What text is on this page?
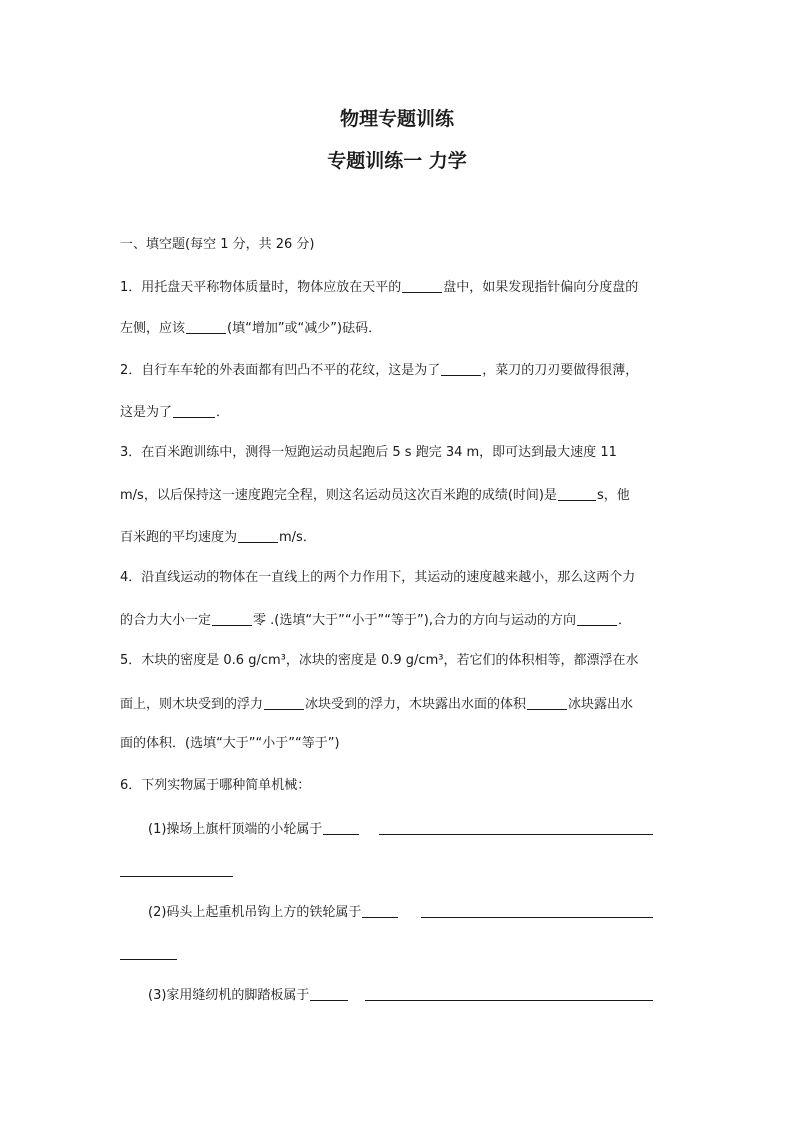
物理专题训练
专题训练一 力学

一、填空题(每空 1 分，共 26 分)

1．用托盘天平称物体质量时，物体应放在天平的	盘中，如果发现指针偏向分度盘的

左侧，应该	(填“增加”或“减少”)砝码．

2．自行车车轮的外表面都有凹凸不平的花纹，这是为了	，菜刀的刀刃要做得很薄，

这是为了	．

3．在百米跑训练中，测得一短跑运动员起跑后 5 s 跑完 34 m，即可达到最大速度 11

m/s，以后保持这一速度跑完全程，则这名运动员这次百米跑的成绩(时间)是	s，他

百米跑的平均速度为	m/s．

4．沿直线运动的物体在一直线上的两个力作用下，其运动的速度越来越小，那么这两个力

的合力大小一定	零 .(选填“大于”“小于”“等于”),合力的方向与运动的方向	．

5．木块的密度是 0.6 g/cm³，冰块的密度是 0.9 g/cm³，若它们的体积相等，都漂浮在水

面上，则木块受到的浮力	冰块受到的浮力，木块露出水面的体积	冰块露出水

面的体积．(选填“大于”“小于”“等于”)

6．下列实物属于哪种简单机械：

(1)操场上旗杆顶端的小轮属于

(2)码头上起重机吊钩上方的铁轮属于

(3)家用缝纫机的脚踏板属于
